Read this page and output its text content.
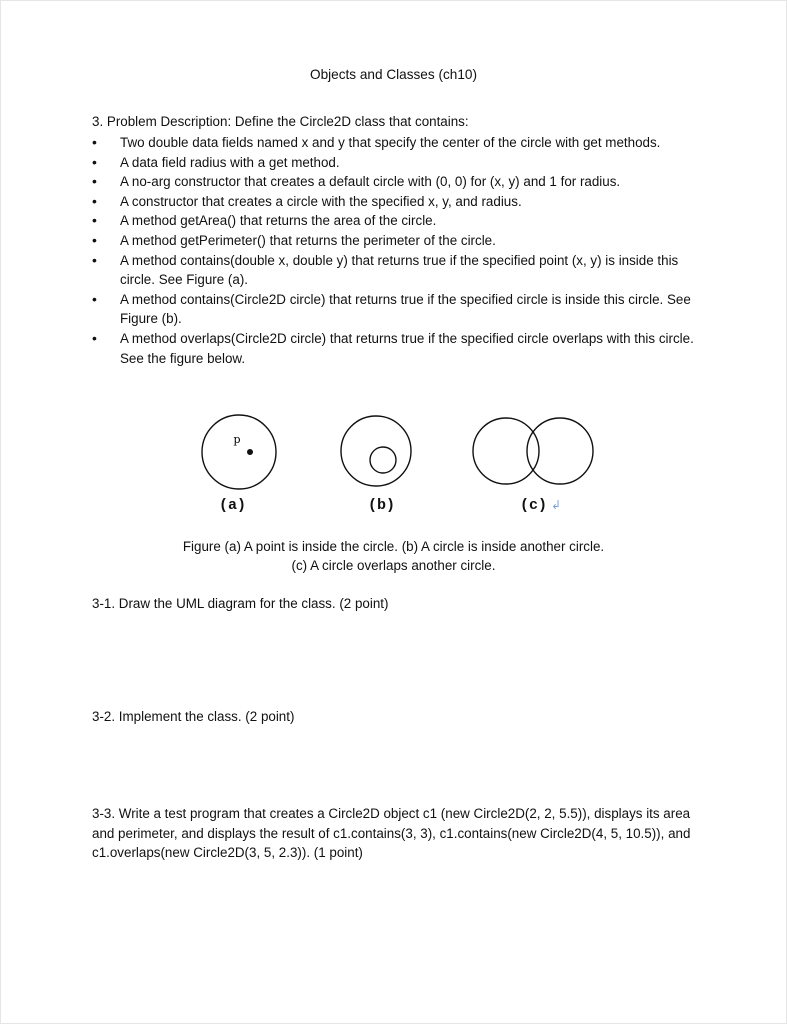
Objects and Classes (ch10)
3. Problem Description: Define the Circle2D class that contains:
• Two double data fields named x and y that specify the center of the circle with get methods.
• A data field radius with a get method.
• A no-arg constructor that creates a default circle with (0, 0) for (x, y) and 1 for radius.
• A constructor that creates a circle with the specified x, y, and radius.
• A method getArea() that returns the area of the circle.
• A method getPerimeter() that returns the perimeter of the circle.
• A method contains(double x, double y) that returns true if the specified point (x, y) is inside this circle. See Figure (a).
• A method contains(Circle2D circle) that returns true if the specified circle is inside this circle. See Figure (b).
• A method overlaps(Circle2D circle) that returns true if the specified circle overlaps with this circle. See the figure below.
p
(a)	(b)	(c) ↲
Figure (a) A point is inside the circle. (b) A circle is inside another circle.
(c) A circle overlaps another circle.
3-1. Draw the UML diagram for the class. (2 point)
3-2. Implement the class. (2 point)
3-3. Write a test program that creates a Circle2D object c1 (new Circle2D(2, 2, 5.5)), displays its area and perimeter, and displays the result of c1.contains(3, 3), c1.contains(new Circle2D(4, 5, 10.5)), and c1.overlaps(new Circle2D(3, 5, 2.3)). (1 point)
